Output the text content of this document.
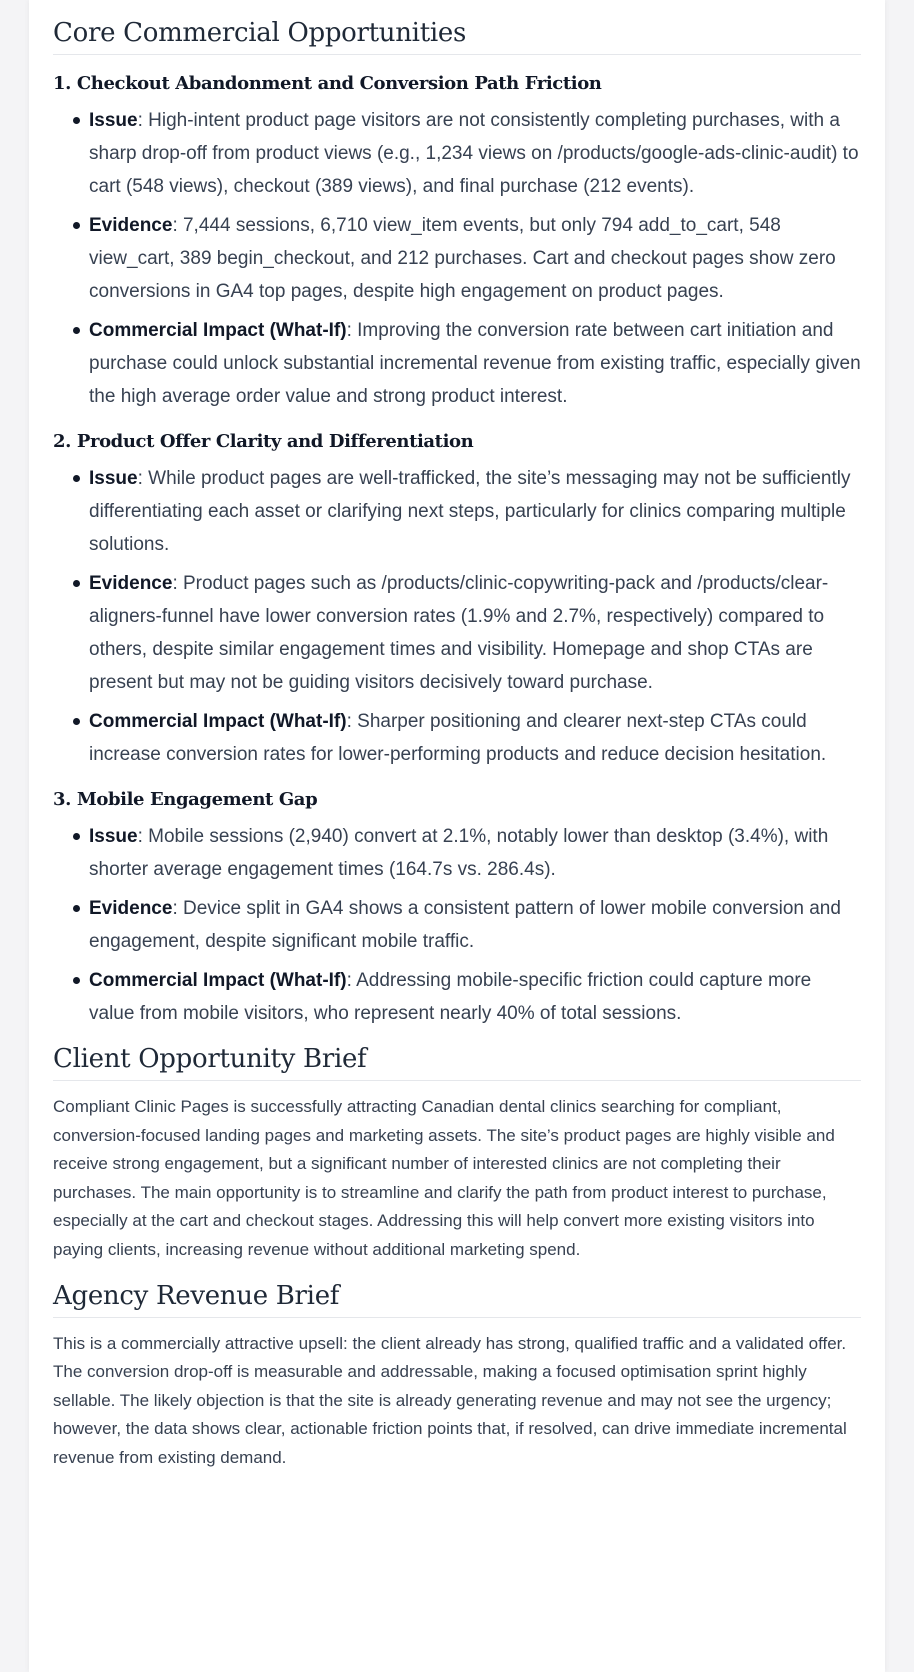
Core Commercial Opportunities
1. Checkout Abandonment and Conversion Path Friction
Issue: High-intent product page visitors are not consistently completing purchases, with a sharp drop-off from product views (e.g., 1,234 views on /products/google-ads-clinic-audit) to cart (548 views), checkout (389 views), and final purchase (212 events).
Evidence: 7,444 sessions, 6,710 view_item events, but only 794 add_to_cart, 548 view_cart, 389 begin_checkout, and 212 purchases. Cart and checkout pages show zero conversions in GA4 top pages, despite high engagement on product pages.
Commercial Impact (What-If): Improving the conversion rate between cart initiation and purchase could unlock substantial incremental revenue from existing traffic, especially given the high average order value and strong product interest.
2. Product Offer Clarity and Differentiation
Issue: While product pages are well-trafficked, the site’s messaging may not be sufficiently differentiating each asset or clarifying next steps, particularly for clinics comparing multiple solutions.
Evidence: Product pages such as /products/clinic-copywriting-pack and /products/clear-aligners-funnel have lower conversion rates (1.9% and 2.7%, respectively) compared to others, despite similar engagement times and visibility. Homepage and shop CTAs are present but may not be guiding visitors decisively toward purchase.
Commercial Impact (What-If): Sharper positioning and clearer next-step CTAs could increase conversion rates for lower-performing products and reduce decision hesitation.
3. Mobile Engagement Gap
Issue: Mobile sessions (2,940) convert at 2.1%, notably lower than desktop (3.4%), with shorter average engagement times (164.7s vs. 286.4s).
Evidence: Device split in GA4 shows a consistent pattern of lower mobile conversion and engagement, despite significant mobile traffic.
Commercial Impact (What-If): Addressing mobile-specific friction could capture more value from mobile visitors, who represent nearly 40% of total sessions.
Client Opportunity Brief

Compliant Clinic Pages is successfully attracting Canadian dental clinics searching for compliant, conversion-focused landing pages and marketing assets. The site’s product pages are highly visible and receive strong engagement, but a significant number of interested clinics are not completing their purchases. The main opportunity is to streamline and clarify the path from product interest to purchase, especially at the cart and checkout stages. Addressing this will help convert more existing visitors into paying clients, increasing revenue without additional marketing spend.

Agency Revenue Brief

This is a commercially attractive upsell: the client already has strong, qualified traffic and a validated offer. The conversion drop-off is measurable and addressable, making a focused optimisation sprint highly sellable. The likely objection is that the site is already generating revenue and may not see the urgency; however, the data shows clear, actionable friction points that, if resolved, can drive immediate incremental revenue from existing demand.
